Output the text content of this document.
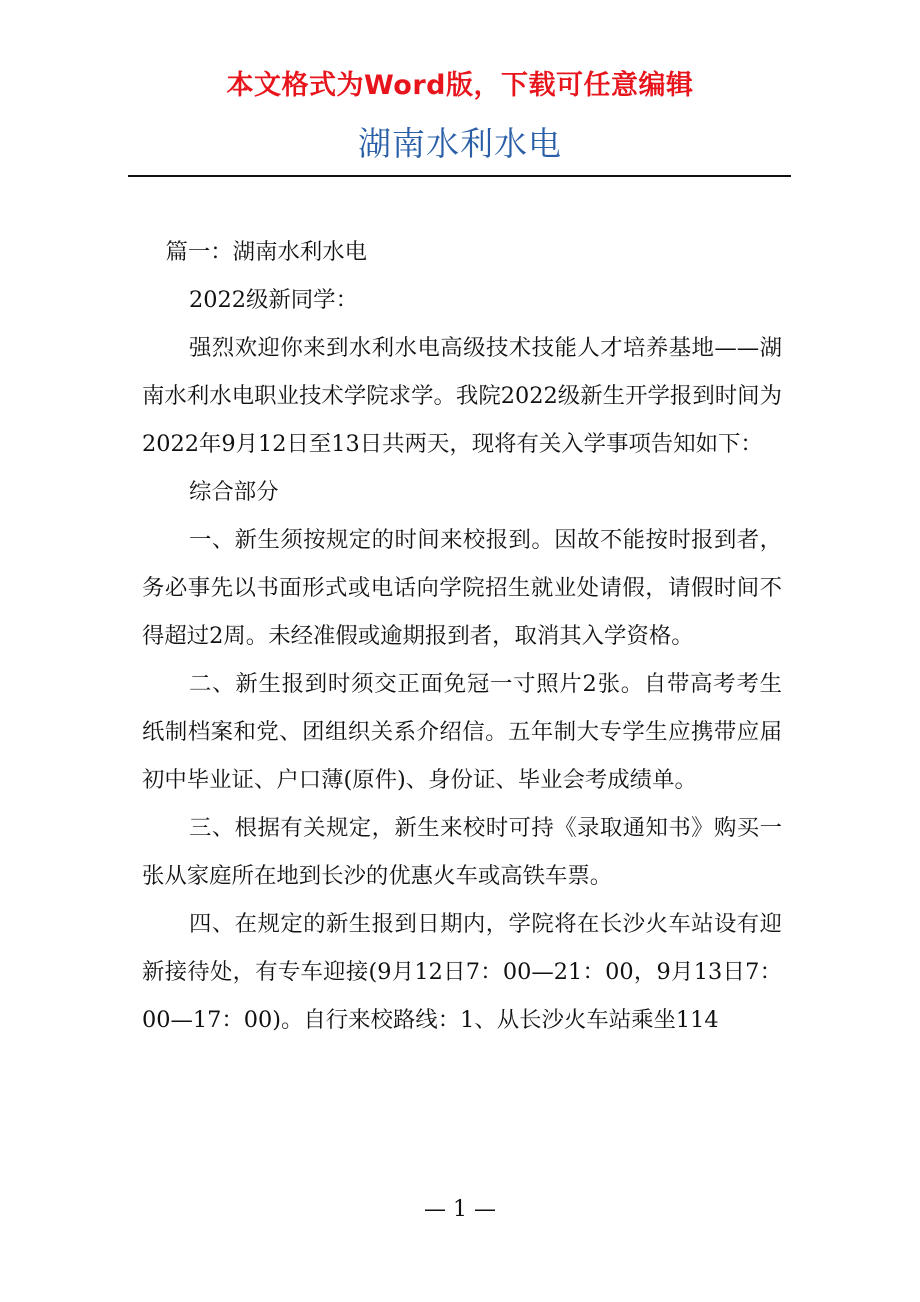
本文格式为Word版，下载可任意编辑
湖南水利水电

篇一：湖南水利水电

2022级新同学：

强烈欢迎你来到水利水电高级技术技能人才培养基地——湖南水利水电职业技术学院求学。我院2022级新生开学报到时间为2022年9月12日至13日共两天，现将有关入学事项告知如下：

综合部分

一、新生须按规定的时间来校报到。因故不能按时报到者，务必事先以书面形式或电话向学院招生就业处请假，请假时间不得超过2周。未经准假或逾期报到者，取消其入学资格。

二、新生报到时须交正面免冠一寸照片2张。自带高考考生纸制档案和党、团组织关系介绍信。五年制大专学生应携带应届初中毕业证、户口薄(原件)、身份证、毕业会考成绩单。

三、根据有关规定，新生来校时可持《录取通知书》购买一张从家庭所在地到长沙的优惠火车或高铁车票。

四、在规定的新生报到日期内，学院将在长沙火车站设有迎新接待处，有专车迎接(9月12日7：00—21：00，9月13日7：00—17：00)。自行来校路线：1、从长沙火车站乘坐114

— 1 —
